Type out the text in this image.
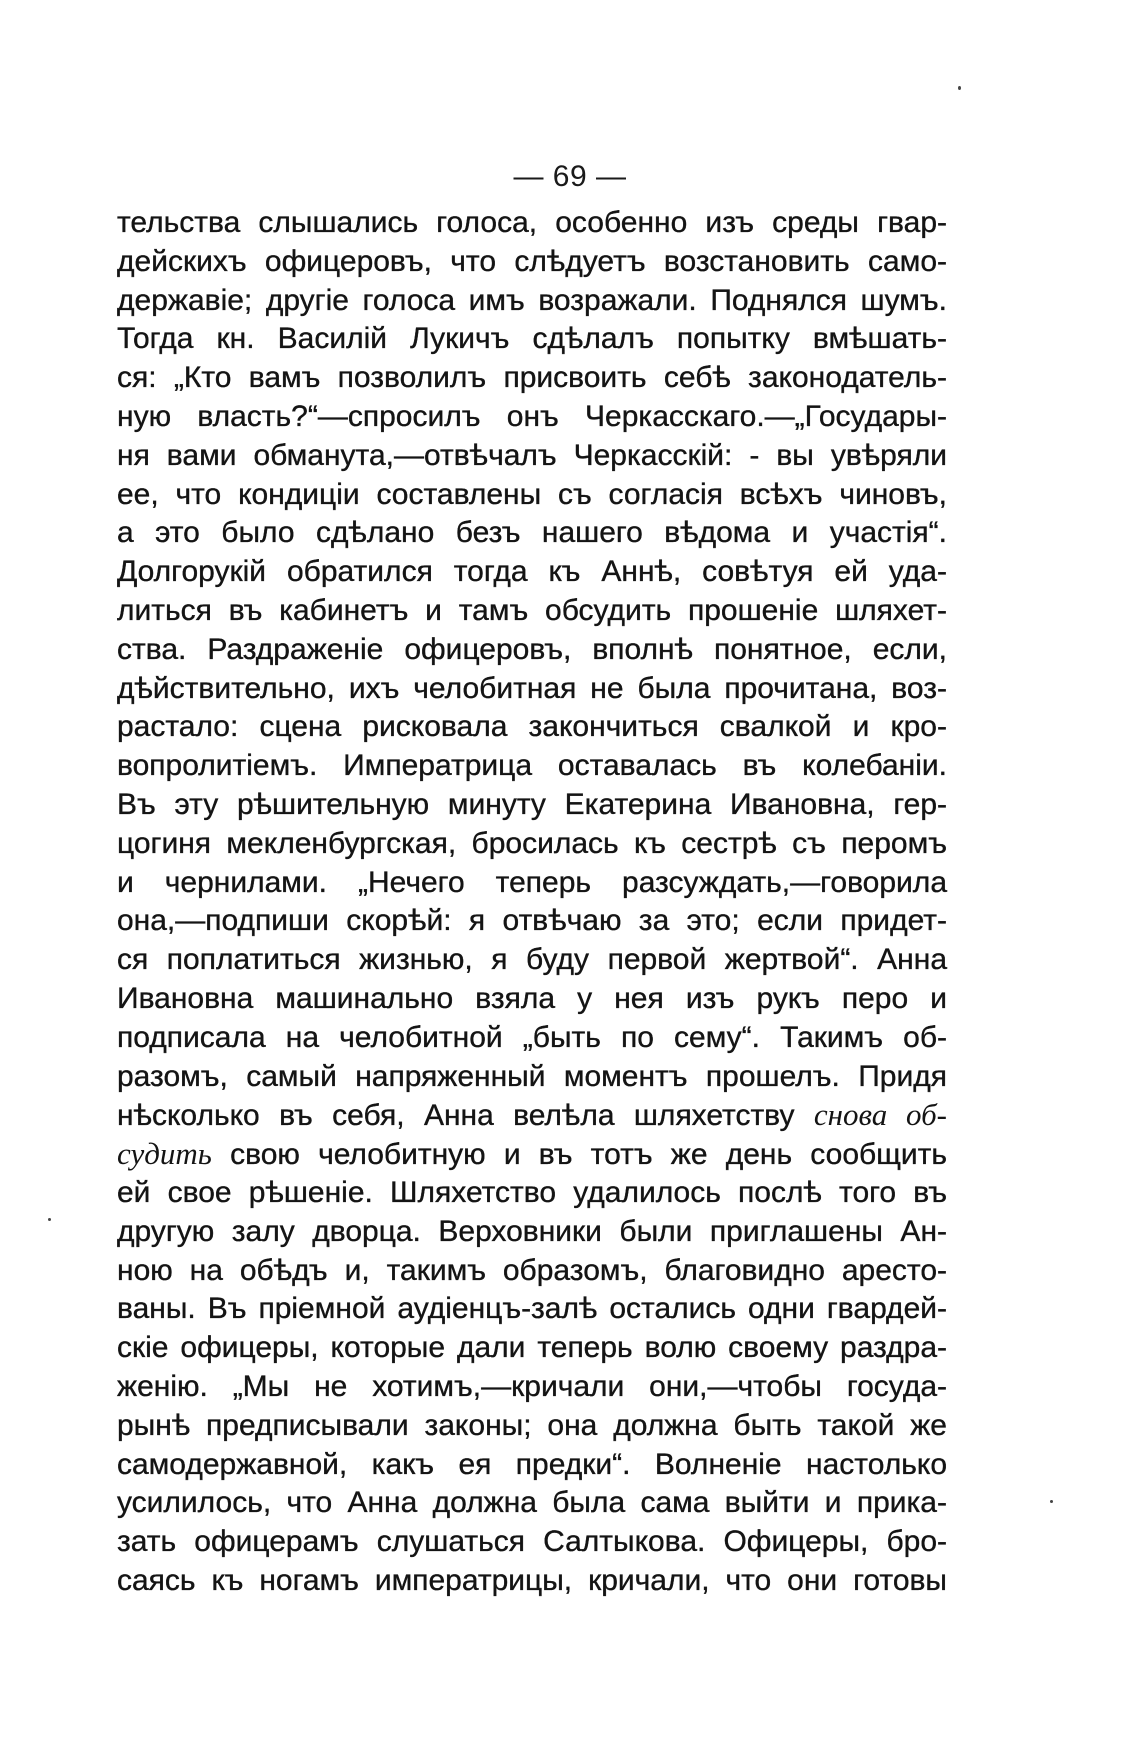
— 69 —
тельства слышались голоса, особенно изъ среды гвар-
дейскихъ офицеровъ, что слѣдуетъ возстановить само-
державіе; другіе голоса имъ возражали. Поднялся шумъ.
Тогда кн. Василій Лукичъ сдѣлалъ попытку вмѣшать-
ся: „Кто вамъ позволилъ присвоить себѣ законодатель-
ную власть?“—спросилъ онъ Черкасскаго.—„Государы-
ня вами обманута,—отвѣчалъ Черкасскій: - вы увѣряли
ее, что кондиціи составлены съ согласія всѣхъ чиновъ,
а это было сдѣлано безъ нашего вѣдома и участія“.
Долгорукій обратился тогда къ Аннѣ, совѣтуя ей уда-
литься въ кабинетъ и тамъ обсудить прошеніе шляхет-
ства. Раздраженіе офицеровъ, вполнѣ понятное, если,
дѣйствительно, ихъ челобитная не была прочитана, воз-
растало: сцена рисковала закончиться свалкой и кро-
вопролитіемъ. Императрица оставалась въ колебаніи.
Въ эту рѣшительную минуту Екатерина Ивановна, гер-
цогиня мекленбургская, бросилась къ сестрѣ съ перомъ
и чернилами. „Нечего теперь разсуждать,—говорила
она,—подпиши скорѣй: я отвѣчаю за это; если придет-
ся поплатиться жизнью, я буду первой жертвой“. Анна
Ивановна машинально взяла у нея изъ рукъ перо и
подписала на челобитной „быть по сему“. Такимъ об-
разомъ, самый напряженный моментъ прошелъ. Придя
нѣсколько въ себя, Анна велѣла шляхетству снова об-
судить свою челобитную и въ тотъ же день сообщить
ей свое рѣшеніе. Шляхетство удалилось послѣ того въ
другую залу дворца. Верховники были приглашены Ан-
ною на обѣдъ и, такимъ образомъ, благовидно аресто-
ваны. Въ пріемной аудіенцъ-залѣ остались одни гвардей-
скіе офицеры, которые дали теперь волю своему раздра-
женію. „Мы не хотимъ,—кричали они,—чтобы госуда-
рынѣ предписывали законы; она должна быть такой же
самодержавной, какъ ея предки“. Волненіе настолько
усилилось, что Анна должна была сама выйти и прика-
зать офицерамъ слушаться Салтыкова. Офицеры, бро-
саясь къ ногамъ императрицы, кричали, что они готовы
